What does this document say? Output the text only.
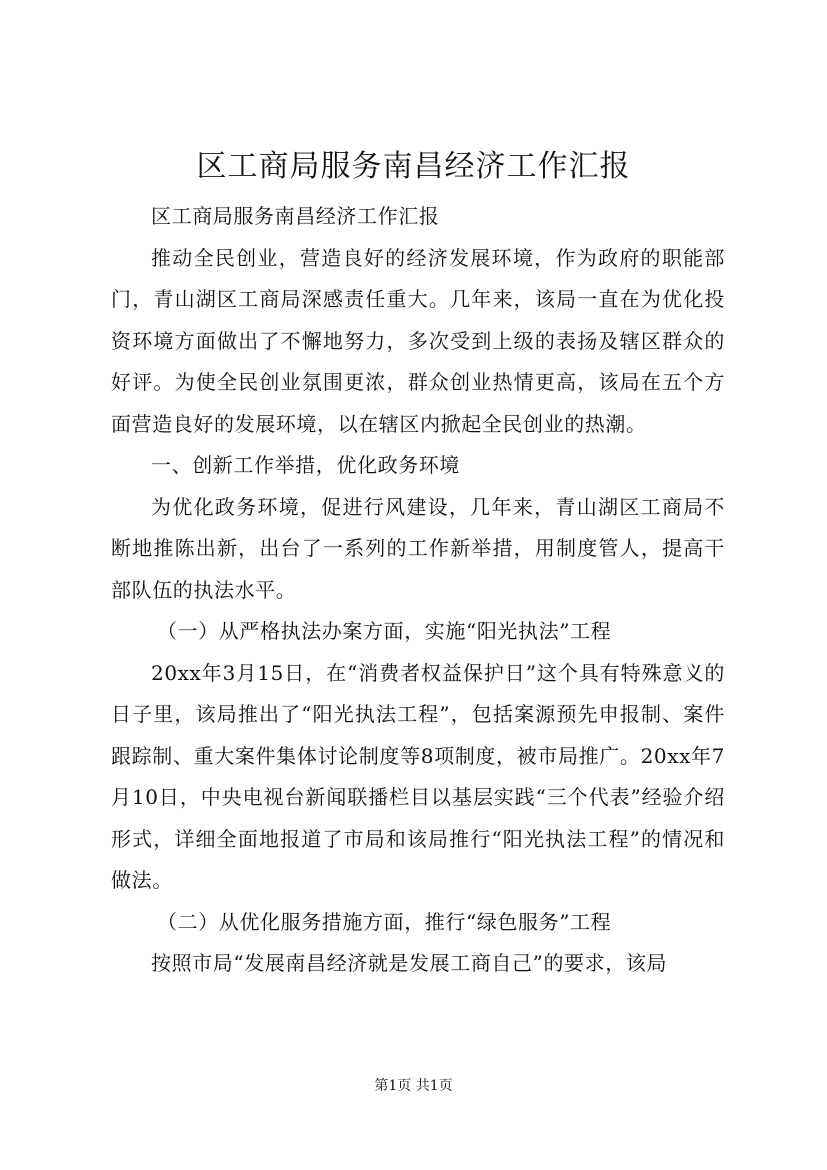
区工商局服务南昌经济工作汇报

区工商局服务南昌经济工作汇报

推动全民创业，营造良好的经济发展环境，作为政府的职能部门，青山湖区工商局深感责任重大。几年来，该局一直在为优化投资环境方面做出了不懈地努力，多次受到上级的表扬及辖区群众的好评。为使全民创业氛围更浓，群众创业热情更高，该局在五个方面营造良好的发展环境，以在辖区内掀起全民创业的热潮。

一、创新工作举措，优化政务环境

为优化政务环境，促进行风建设，几年来，青山湖区工商局不断地推陈出新，出台了一系列的工作新举措，用制度管人，提高干部队伍的执法水平。

（一）从严格执法办案方面，实施“阳光执法”工程

20xx年3月15日，在“消费者权益保护日”这个具有特殊意义的日子里，该局推出了“阳光执法工程”，包括案源预先申报制、案件跟踪制、重大案件集体讨论制度等8项制度，被市局推广。20xx年7月10日，中央电视台新闻联播栏目以基层实践“三个代表”经验介绍形式，详细全面地报道了市局和该局推行“阳光执法工程”的情况和做法。

（二）从优化服务措施方面，推行“绿色服务”工程

按照市局“发展南昌经济就是发展工商自己”的要求，该局

第1页 共1页
